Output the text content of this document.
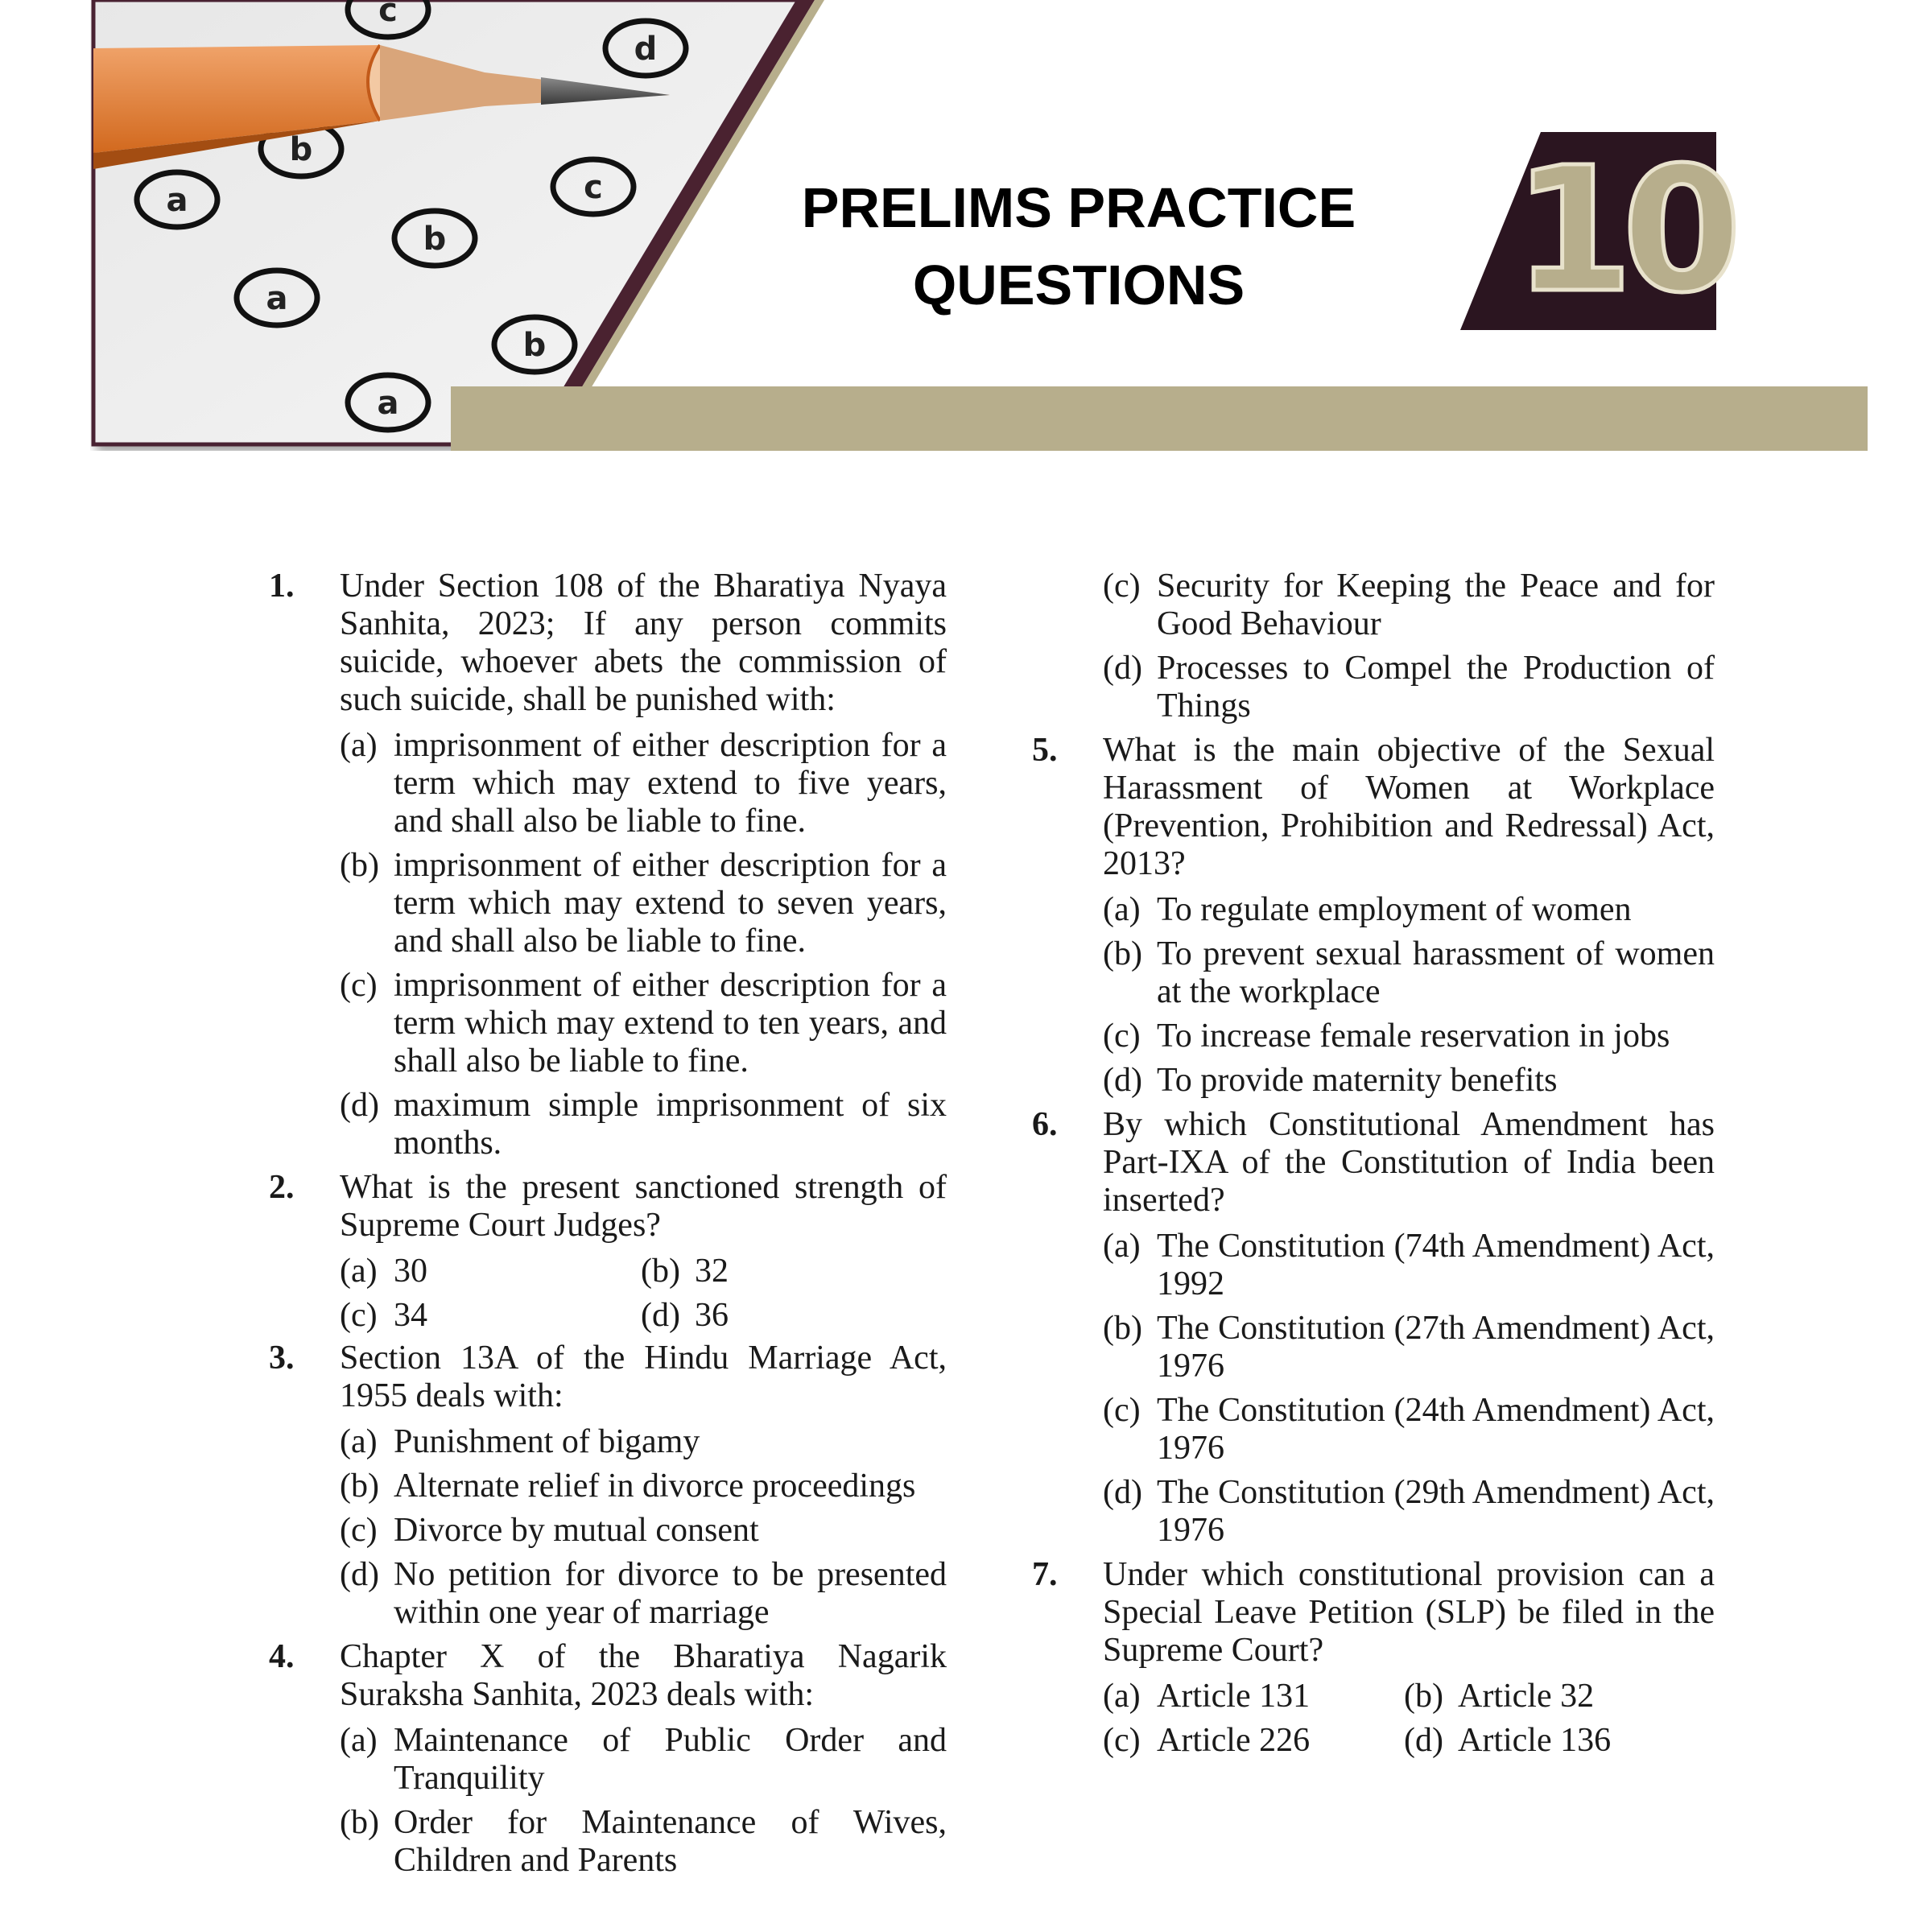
c
d
b
a	c
b
a
b
a
10
PRELIMS PRACTICE
QUESTIONS
1. Under Section 108 of the Bharatiya Nyaya Sanhita, 2023; If any person commits suicide, whoever abets the commission of such suicide, shall be punished with:
(a) imprisonment of either description for a term which may extend to five years, and shall also be liable to fine.
(b) imprisonment of either description for a term which may extend to seven years, and shall also be liable to fine.
(c) imprisonment of either description for a term which may extend to ten years, and shall also be liable to fine.
(d) maximum simple imprisonment of six months.
2. What is the present sanctioned strength of Supreme Court Judges?
(a) 30	(b) 32
(c) 34	(d) 36
3. Section 13A of the Hindu Marriage Act, 1955 deals with:
(a) Punishment of bigamy
(b) Alternate relief in divorce proceedings
(c) Divorce by mutual consent
(d) No petition for divorce to be presented within one year of marriage
4. Chapter X of the Bharatiya Nagarik Suraksha Sanhita, 2023 deals with:
(a) Maintenance of Public Order and Tranquility
(b) Order for Maintenance of Wives, Children and Parents
(c) Security for Keeping the Peace and for Good Behaviour
(d) Processes to Compel the Production of Things
5. What is the main objective of the Sexual Harassment of Women at Workplace (Prevention, Prohibition and Redressal) Act, 2013?
(a) To regulate employment of women
(b) To prevent sexual harassment of women at the workplace
(c) To increase female reservation in jobs
(d) To provide maternity benefits
6. By which Constitutional Amendment has Part-IXA of the Constitution of India been inserted?
(a) The Constitution (74th Amendment) Act, 1992
(b) The Constitution (27th Amendment) Act, 1976
(c) The Constitution (24th Amendment) Act, 1976
(d) The Constitution (29th Amendment) Act, 1976
7. Under which constitutional provision can a Special Leave Petition (SLP) be filed in the Supreme Court?
(a) Article 131	(b) Article 32
(c) Article 226	(d) Article 136
